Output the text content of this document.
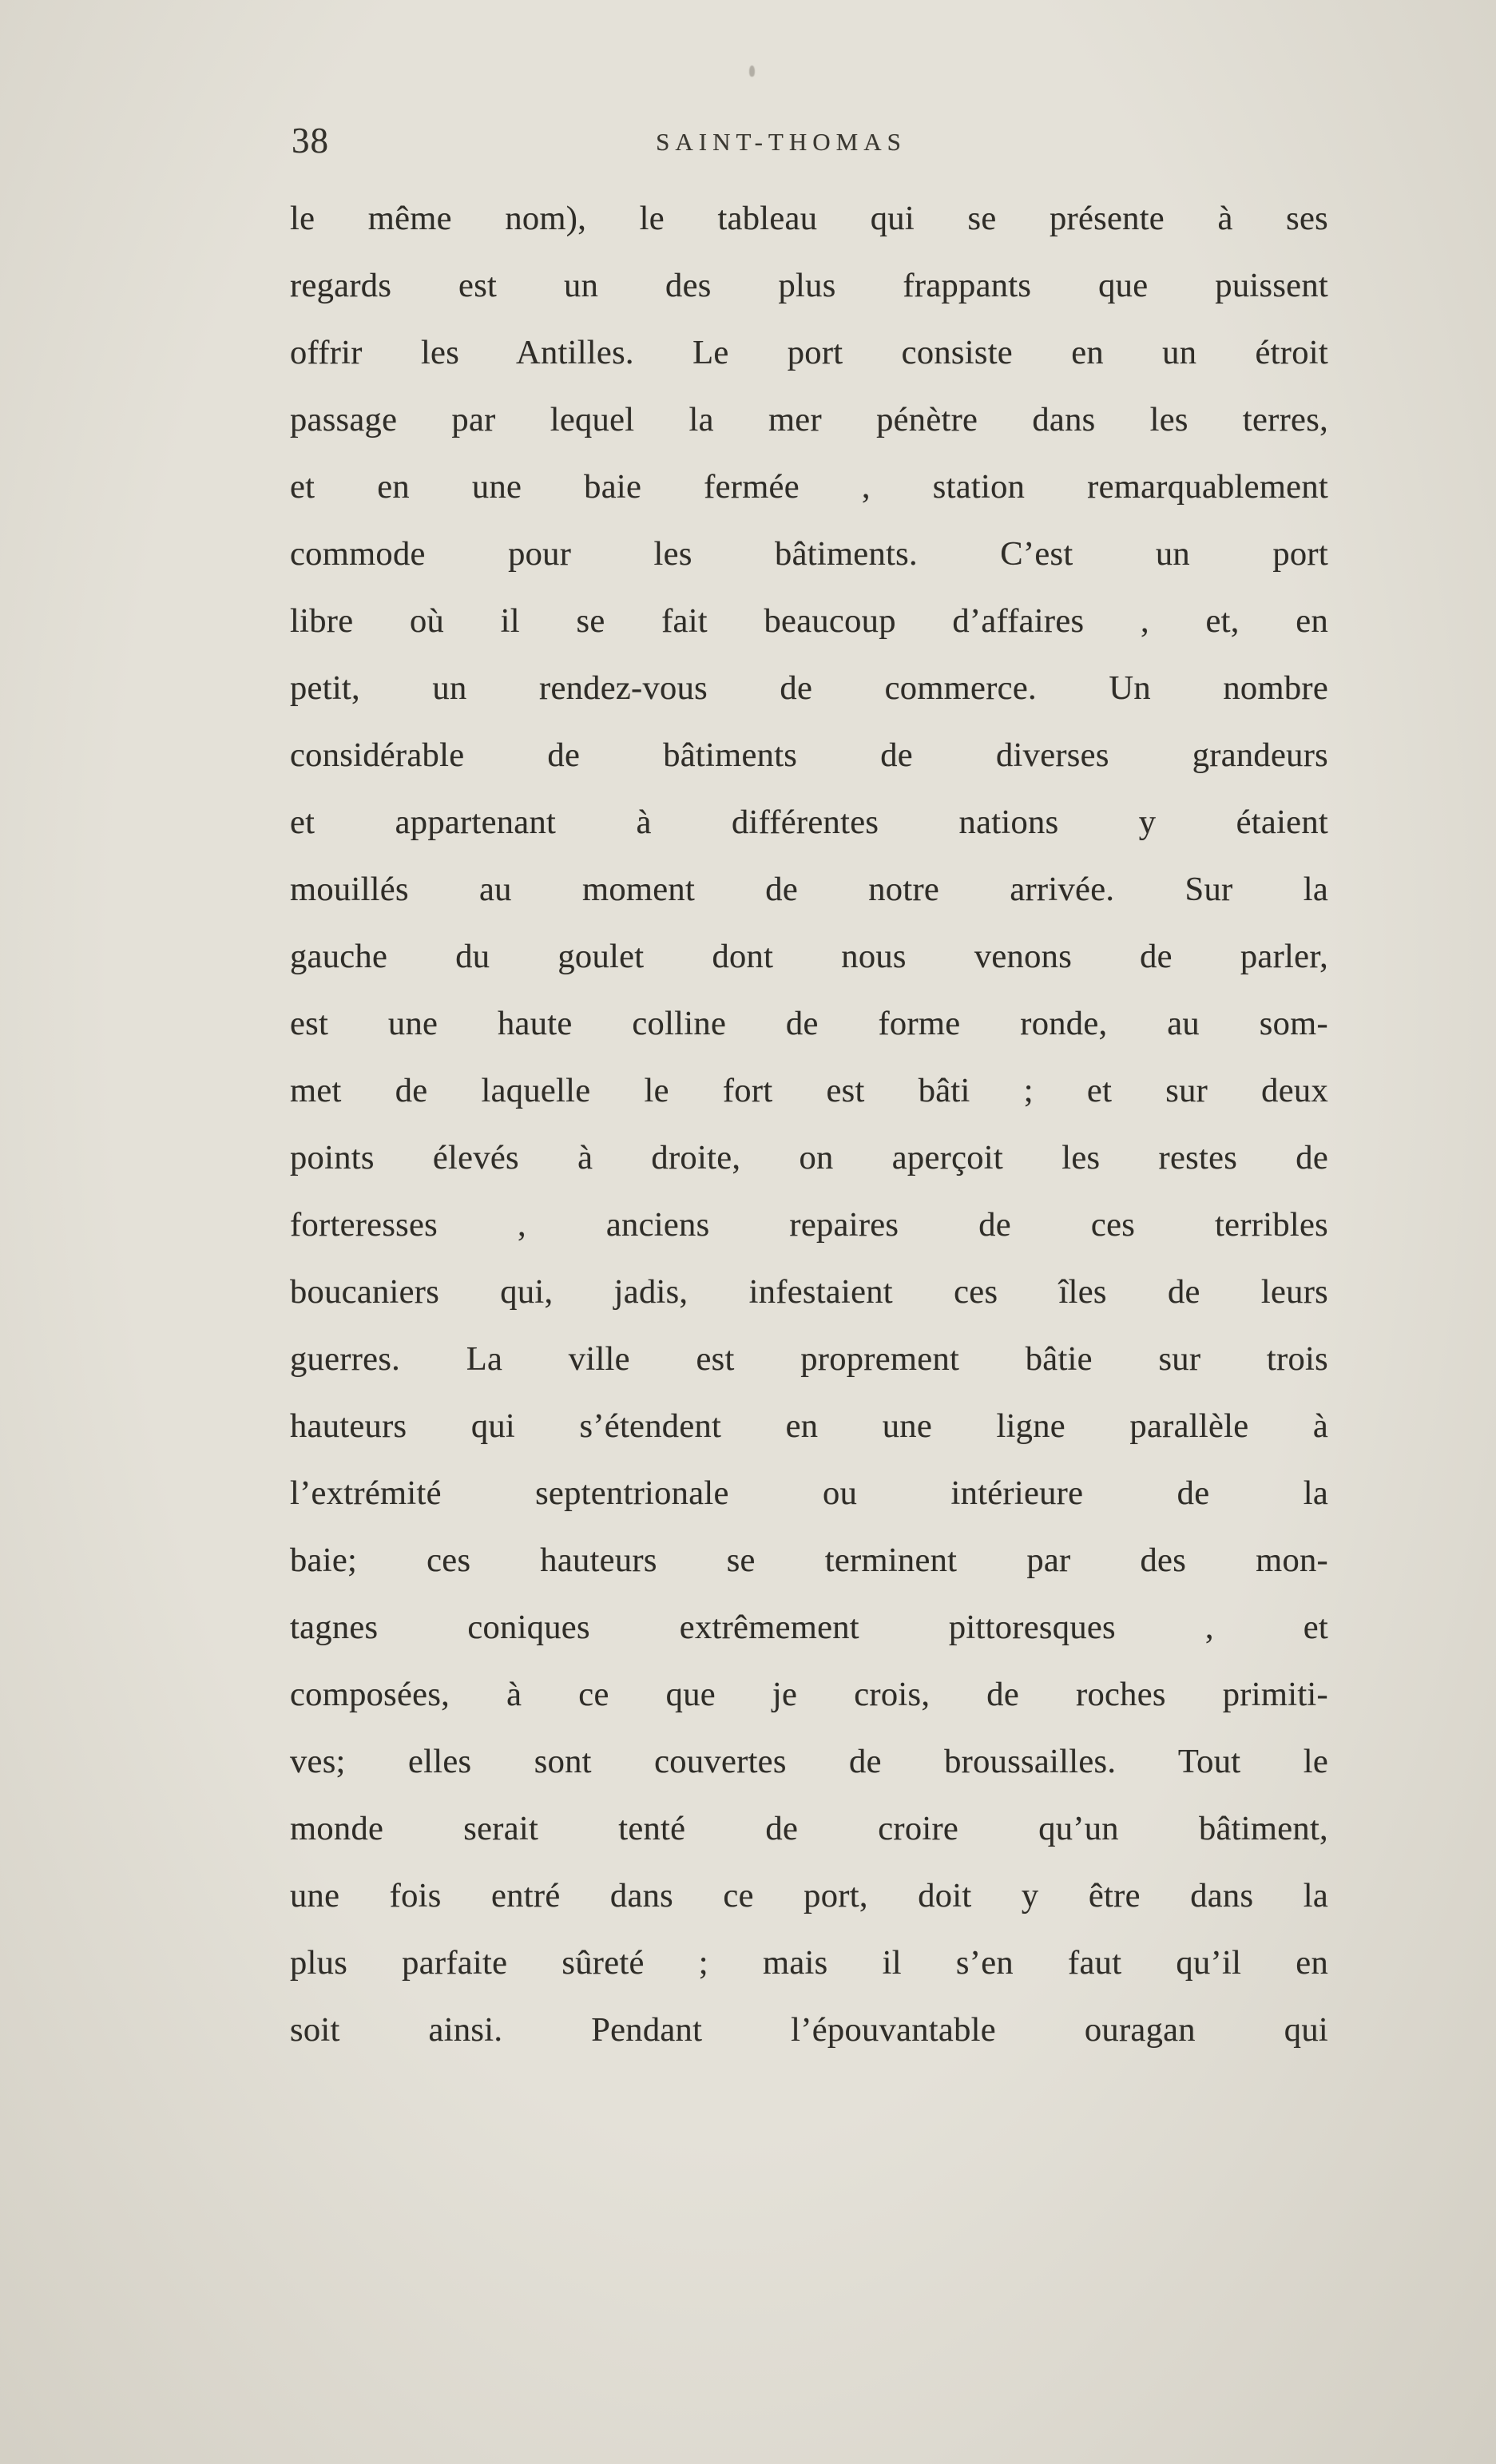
38	SAINT-THOMAS
le même nom), le tableau qui se présente à ses
regards est un des plus frappants que puissent
offrir les Antilles. Le port consiste en un étroit
passage par lequel la mer pénètre dans les terres,
et en une baie fermée , station remarquablement
commode pour les bâtiments. C’est un port
libre où il se fait beaucoup d’affaires , et, en
petit, un rendez-vous de commerce. Un nombre
considérable de bâtiments de diverses grandeurs
et appartenant à différentes nations y étaient
mouillés au moment de notre arrivée. Sur la
gauche du goulet dont nous venons de parler,
est une haute colline de forme ronde, au som-
met de laquelle le fort est bâti ; et sur deux
points élevés à droite, on aperçoit les restes de
forteresses , anciens repaires de ces terribles
boucaniers qui, jadis, infestaient ces îles de leurs
guerres. La ville est proprement bâtie sur trois
hauteurs qui s’étendent en une ligne parallèle à
l’extrémité septentrionale ou intérieure de la
baie; ces hauteurs se terminent par des mon-
tagnes coniques extrêmement pittoresques , et
composées, à ce que je crois, de roches primiti-
ves; elles sont couvertes de broussailles. Tout le
monde serait tenté de croire qu’un bâtiment,
une fois entré dans ce port, doit y être dans la
plus parfaite sûreté ; mais il s’en faut qu’il en
soit ainsi. Pendant l’épouvantable ouragan qui
